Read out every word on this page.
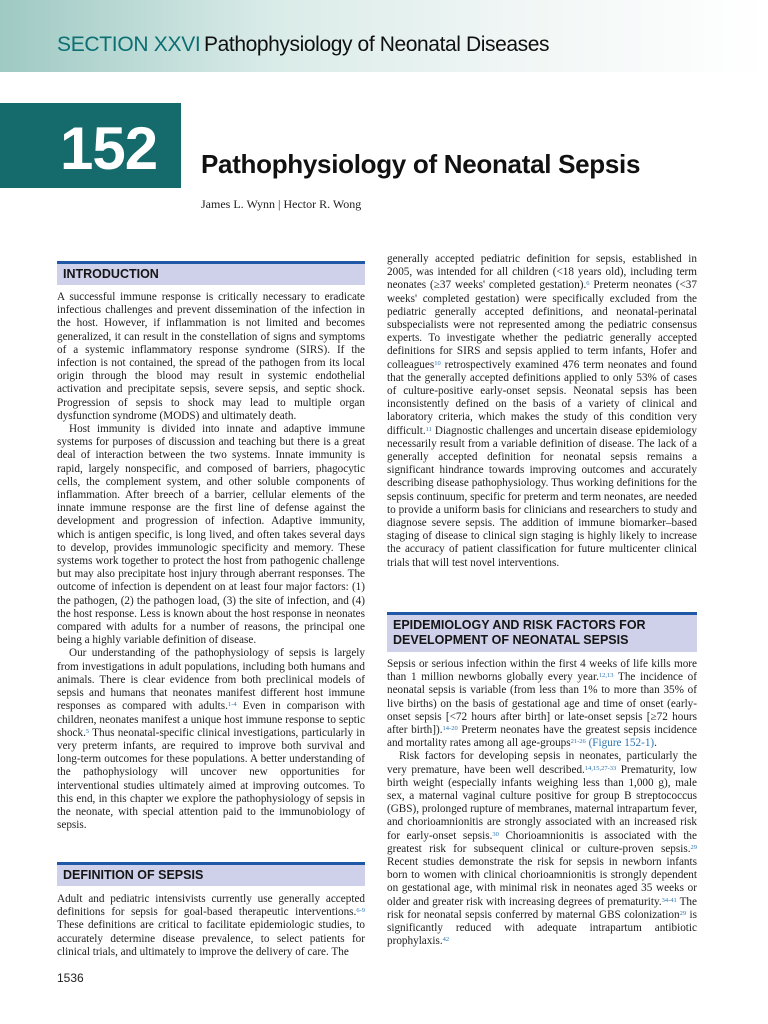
SECTION XXVI Pathophysiology of Neonatal Diseases
152 Pathophysiology of Neonatal Sepsis
James L. Wynn | Hector R. Wong
INTRODUCTION

A successful immune response is critically necessary to eradicate infectious challenges and prevent dissemination of the infection in the host. However, if inflammation is not limited and becomes generalized, it can result in the constellation of signs and symptoms of a systemic inflammatory response syndrome (SIRS). If the infection is not contained, the spread of the pathogen from its local origin through the blood may result in systemic endothelial activation and precipitate sepsis, severe sepsis, and septic shock. Progression of sepsis to shock may lead to multiple organ dysfunction syndrome (MODS) and ultimately death.

Host immunity is divided into innate and adaptive immune systems for purposes of discussion and teaching but there is a great deal of interaction between the two systems. Innate immunity is rapid, largely nonspecific, and composed of barriers, phagocytic cells, the complement system, and other soluble components of inflammation. After breech of a barrier, cellular elements of the innate immune response are the first line of defense against the development and progression of infection. Adaptive immunity, which is antigen specific, is long lived, and often takes several days to develop, provides immunologic specificity and memory. These systems work together to protect the host from pathogenic challenge but may also precipitate host injury through aberrant responses. The outcome of infection is dependent on at least four major factors: (1) the pathogen, (2) the pathogen load, (3) the site of infection, and (4) the host response. Less is known about the host response in neonates compared with adults for a number of reasons, the principal one being a highly variable definition of disease.

Our understanding of the pathophysiology of sepsis is largely from investigations in adult populations, including both humans and animals. There is clear evidence from both preclinical models of sepsis and humans that neonates manifest different host immune responses as compared with adults.$^{1-4}$ Even in comparison with children, neonates manifest a unique host immune response to septic shock.$^5$ Thus neonatal-specific clinical investigations, particularly in very preterm infants, are required to improve both survival and long-term outcomes for these populations. A better understanding of the pathophysiology will uncover new opportunities for interventional studies ultimately aimed at improving outcomes. To this end, in this chapter we explore the pathophysiology of sepsis in the neonate, with special attention paid to the immunobiology of sepsis.

DEFINITION OF SEPSIS

Adult and pediatric intensivists currently use generally accepted definitions for sepsis for goal-based therapeutic interventions.$^{6-9}$ These definitions are critical to facilitate epidemiologic studies, to accurately determine disease prevalence, to select patients for clinical trials, and ultimately to improve the delivery of care. The

generally accepted pediatric definition for sepsis, established in 2005, was intended for all children (<18 years old), including term neonates (≥37 weeks' completed gestation).$^6$ Preterm neonates (<37 weeks' completed gestation) were specifically excluded from the pediatric generally accepted definitions, and neonatal-perinatal subspecialists were not represented among the pediatric consensus experts. To investigate whether the pediatric generally accepted definitions for SIRS and sepsis applied to term infants, Hofer and colleagues$^{10}$ retrospectively examined 476 term neonates and found that the generally accepted definitions applied to only 53% of cases of culture-positive early-onset sepsis. Neonatal sepsis has been inconsistently defined on the basis of a variety of clinical and laboratory criteria, which makes the study of this condition very difficult.$^{11}$ Diagnostic challenges and uncertain disease epidemiology necessarily result from a variable definition of disease. The lack of a generally accepted definition for neonatal sepsis remains a significant hindrance towards improving outcomes and accurately describing disease pathophysiology. Thus working definitions for the sepsis continuum, specific for preterm and term neonates, are needed to provide a uniform basis for clinicians and researchers to study and diagnose severe sepsis. The addition of immune biomarker–based staging of disease to clinical sign staging is highly likely to increase the accuracy of patient classification for future multicenter clinical trials that will test novel interventions.

EPIDEMIOLOGY AND RISK FACTORS FOR
DEVELOPMENT OF NEONATAL SEPSIS

Sepsis or serious infection within the first 4 weeks of life kills more than 1 million newborns globally every year.$^{12,13}$ The incidence of neonatal sepsis is variable (from less than 1% to more than 35% of live births) on the basis of gestational age and time of onset (early-onset sepsis [<72 hours after birth] or late-onset sepsis [≥72 hours after birth]).$^{14-20}$ Preterm neonates have the greatest sepsis incidence and mortality rates among all age-groups$^{21-26}$ (Figure 152-1).

Risk factors for developing sepsis in neonates, particularly the very premature, have been well described.$^{14,15,27-33}$ Prematurity, low birth weight (especially infants weighing less than 1,000 g), male sex, a maternal vaginal culture positive for group B streptococcus (GBS), prolonged rupture of membranes, maternal intrapartum fever, and chorioamnionitis are strongly associated with an increased risk for early-onset sepsis.$^{30}$ Chorioamnionitis is associated with the greatest risk for subsequent clinical or culture-proven sepsis.$^{29}$ Recent studies demonstrate the risk for sepsis in newborn infants born to women with clinical chorioamnionitis is strongly dependent on gestational age, with minimal risk in neonates aged 35 weeks or older and greater risk with increasing degrees of prematurity.$^{34-41}$ The risk for neonatal sepsis conferred by maternal GBS colonization$^{29}$ is significantly reduced with adequate intrapartum antibiotic prophylaxis.$^{42}$

1536
